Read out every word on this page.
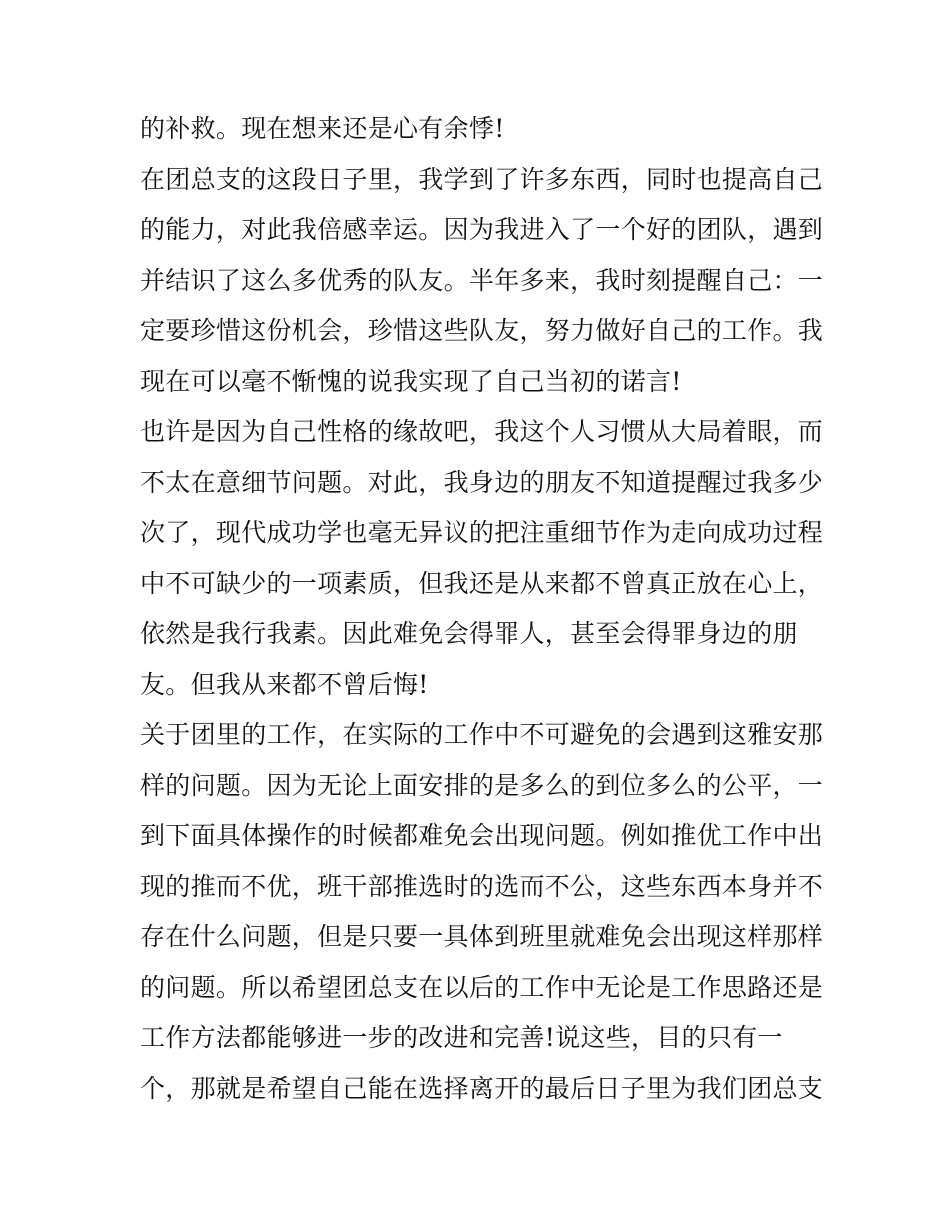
的补救。现在想来还是心有余悸!
在团总支的这段日子里，我学到了许多东西，同时也提高自己
的能力，对此我倍感幸运。因为我进入了一个好的团队，遇到
并结识了这么多优秀的队友。半年多来，我时刻提醒自己：一
定要珍惜这份机会，珍惜这些队友，努力做好自己的工作。我
现在可以毫不惭愧的说我实现了自己当初的诺言!
也许是因为自己性格的缘故吧，我这个人习惯从大局着眼，而
不太在意细节问题。对此，我身边的朋友不知道提醒过我多少
次了，现代成功学也毫无异议的把注重细节作为走向成功过程
中不可缺少的一项素质，但我还是从来都不曾真正放在心上，
依然是我行我素。因此难免会得罪人，甚至会得罪身边的朋
友。但我从来都不曾后悔!
关于团里的工作，在实际的工作中不可避免的会遇到这雅安那
样的问题。因为无论上面安排的是多么的到位多么的公平，一
到下面具体操作的时候都难免会出现问题。例如推优工作中出
现的推而不优，班干部推选时的选而不公，这些东西本身并不
存在什么问题，但是只要一具体到班里就难免会出现这样那样
的问题。所以希望团总支在以后的工作中无论是工作思路还是
工作方法都能够进一步的改进和完善!说这些，目的只有一
个，那就是希望自己能在选择离开的最后日子里为我们团总支
